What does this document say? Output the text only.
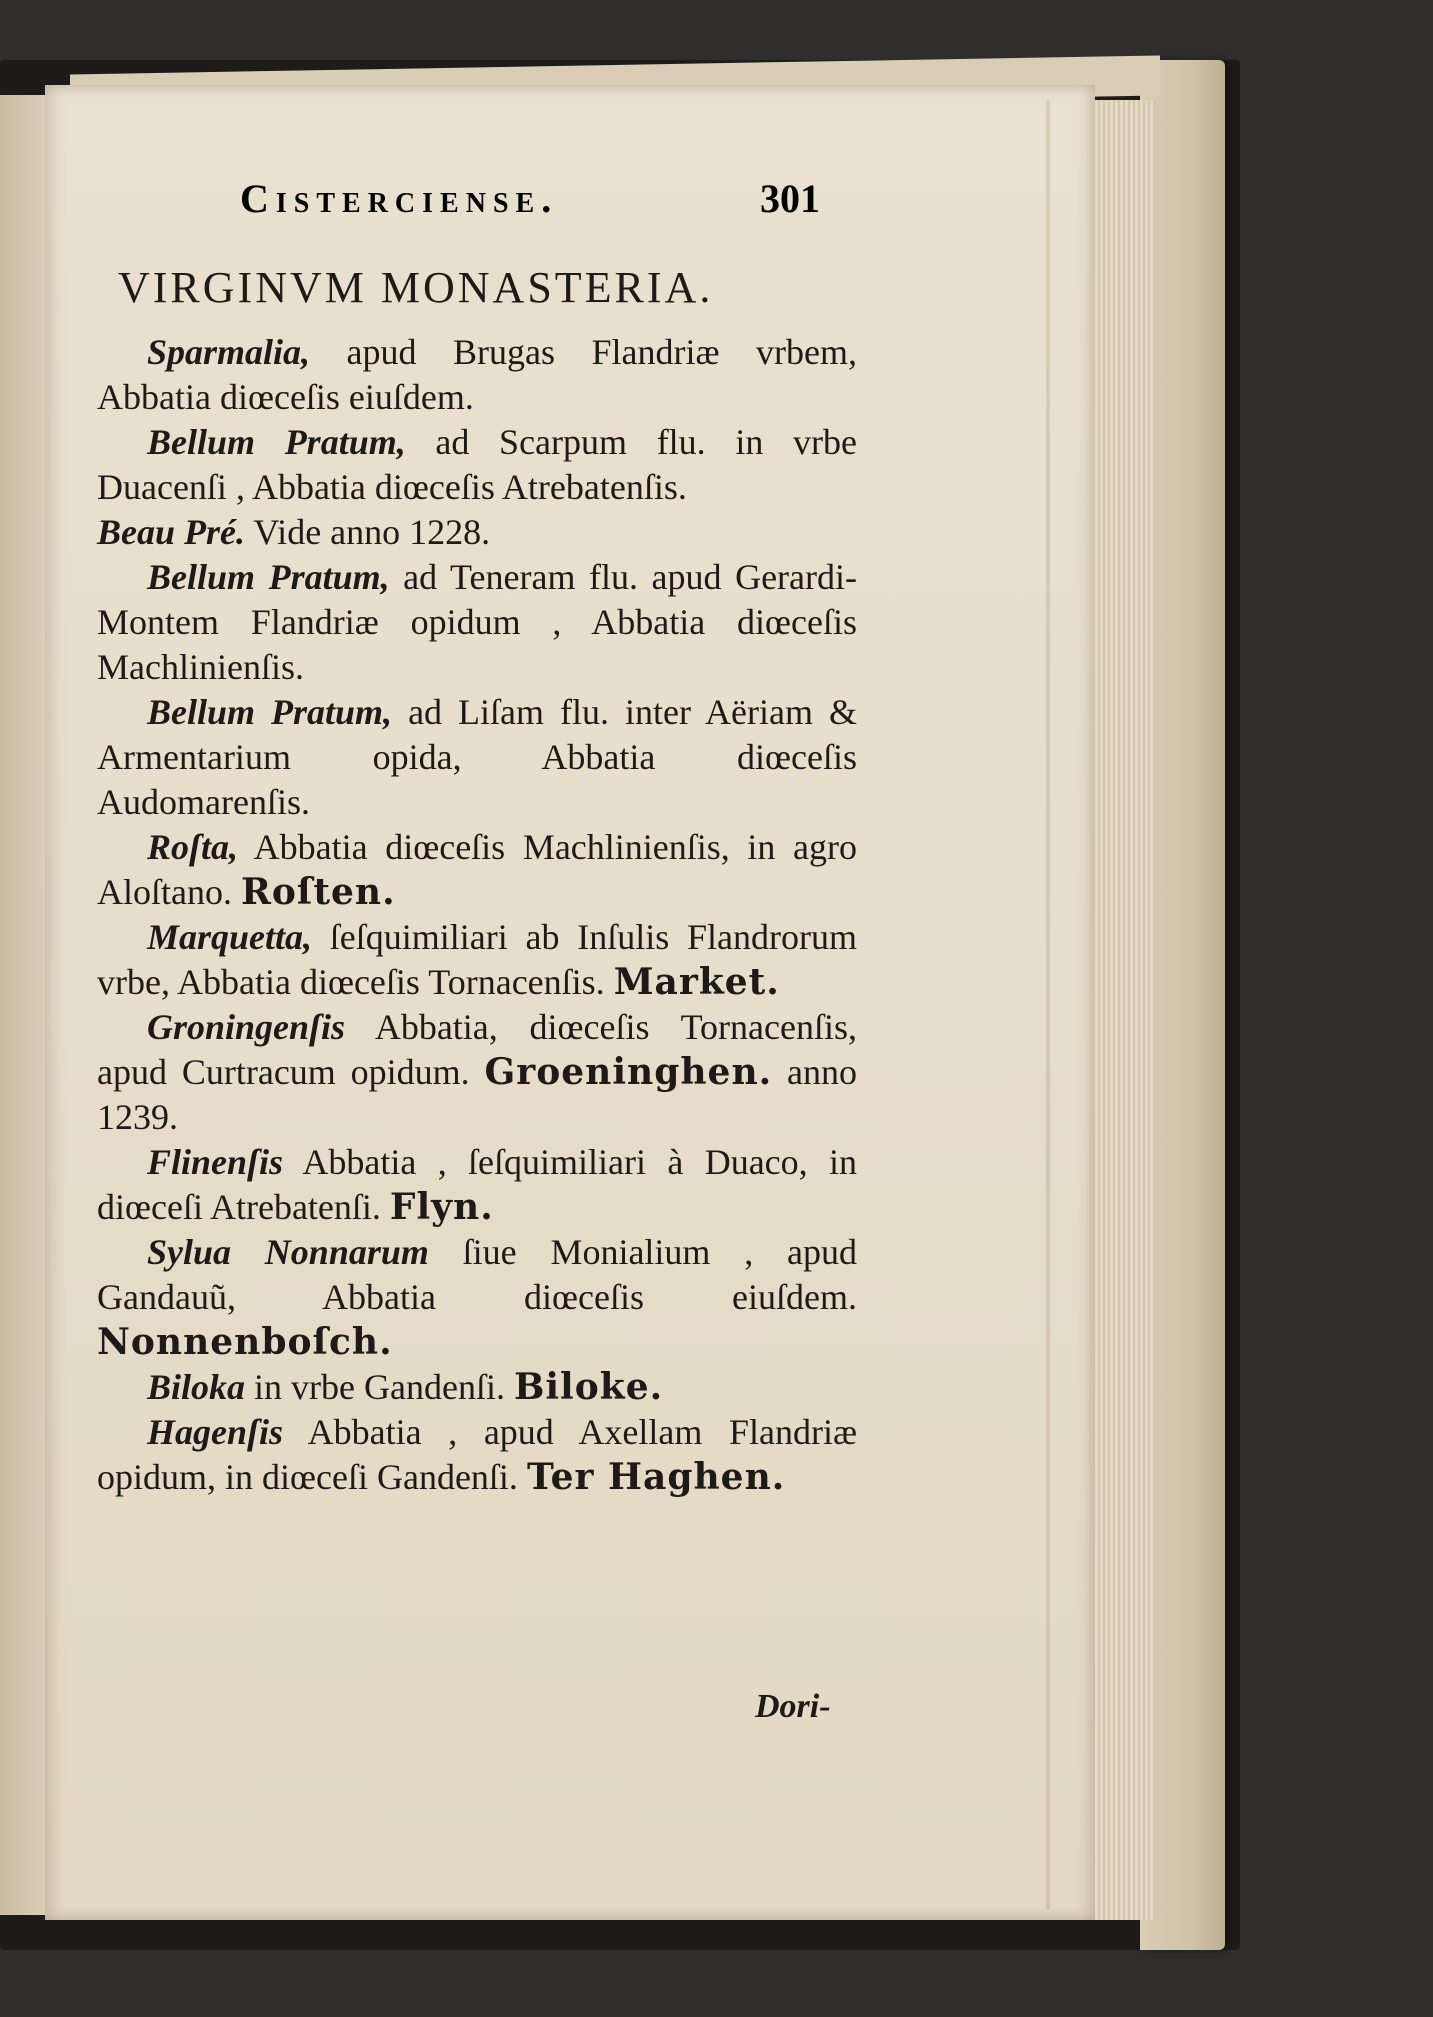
Cistercienſe.	301
VIRGINVM MONASTERIA.

Sparmalia, apud Brugas Flandriæ vrbem, Abbatia diœceſis eiuſdem.

Bellum Pratum, ad Scarpum flu. in vrbe Duacenſi , Abbatia diœceſis Atrebatenſis.

Beau Pré. Vide anno 1228.

Bellum Pratum, ad Teneram flu. apud Gerardi-Montem Flandriæ opidum , Abbatia diœceſis Machlinienſis.

Bellum Pratum, ad Liſam flu. inter Aëriam & Armentarium opida, Abbatia diœceſis Audomarenſis.

Roſta, Abbatia diœceſis Machlinienſis, in agro Aloſtano. Roſten.

Marquetta, ſeſquimiliari ab Inſulis Flandrorum vrbe, Abbatia diœceſis Tornacenſis. Market.

Groningenſis Abbatia, diœceſis Tornacenſis, apud Curtracum opidum. Groeninghen. anno 1239.

Flinenſis Abbatia , ſeſquimiliari à Duaco, in diœceſi Atrebatenſi. Flyn.

Sylua Nonnarum ſiue Monialium , apud Gandauũ, Abbatia diœceſis eiuſdem. Nonnenboſch.

Biloka in vrbe Gandenſi. Biloke.

Hagenſis Abbatia , apud Axellam Flandriæ opidum, in diœceſi Gandenſi. Ter Haghen.

Dori-
